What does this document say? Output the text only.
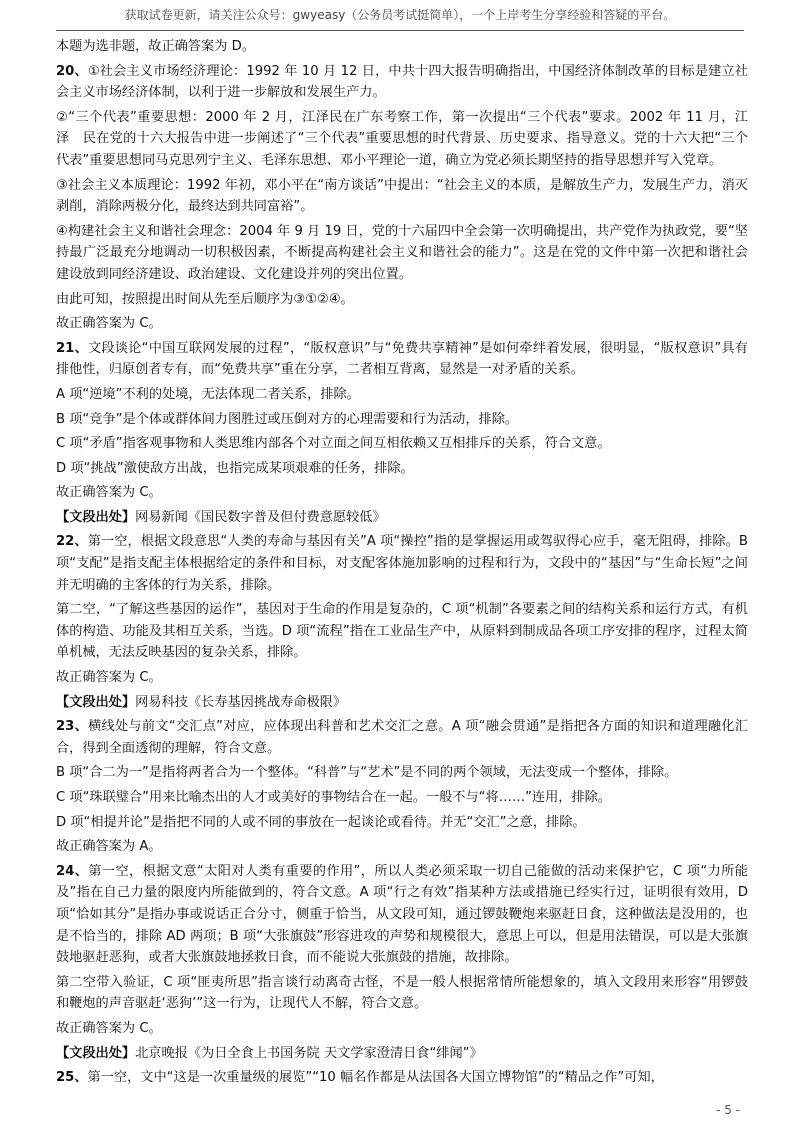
获取试卷更新，请关注公众号：gwyeasy（公务员考试挺简单），一个上岸考生分享经验和答疑的平台。

本题为选非题，故正确答案为 D。

20、①社会主义市场经济理论：1992 年 10 月 12 日，中共十四大报告明确指出，中国经济体制改革的目标是建立社会主义市场经济体制，以利于进一步解放和发展生产力。

②“三个代表”重要思想：2000 年 2 月，江泽民在广东考察工作，第一次提出“三个代表”要求。2002 年 11 月，江　泽　民在党的十六大报告中进一步阐述了“三个代表”重要思想的时代背景、历史要求、指导意义。党的十六大把“三个代表”重要思想同马克思列宁主义、毛泽东思想、邓小平理论一道，确立为党必须长期坚持的指导思想并写入党章。

③社会主义本质理论：1992 年初，邓小平在“南方谈话”中提出：“社会主义的本质，是解放生产力，发展生产力，消灭剥削，消除两极分化，最终达到共同富裕”。

④构建社会主义和谐社会理念：2004 年 9 月 19 日，党的十六届四中全会第一次明确提出，共产党作为执政党，要“坚持最广泛最充分地调动一切积极因素，不断提高构建社会主义和谐社会的能力”。这是在党的文件中第一次把和谐社会建设放到同经济建设、政治建设、文化建设并列的突出位置。

由此可知，按照提出时间从先至后顺序为③①②④。

故正确答案为 C。

21、文段谈论“中国互联网发展的过程”，“版权意识”与“免费共享精神”是如何牵绊着发展，很明显，“版权意识”具有排他性，归原创者专有，而“免费共享”重在分享，二者相互背离，显然是一对矛盾的关系。

A 项“逆境”不利的处境，无法体现二者关系，排除。

B 项“竞争”是个体或群体间力图胜过或压倒对方的心理需要和行为活动，排除。

C 项“矛盾”指客观事物和人类思维内部各个对立面之间互相依赖又互相排斥的关系，符合文意。

D 项“挑战”激使敌方出战，也指完成某项艰难的任务，排除。

故正确答案为 C。

【文段出处】网易新闻《国民数字普及但付费意愿较低》

22、第一空，根据文段意思“人类的寿命与基因有关”A 项“操控”指的是掌握运用或驾驭得心应手，毫无阻碍，排除。B 项“支配”是指支配主体根据给定的条件和目标，对支配客体施加影响的过程和行为，文段中的“基因”与“生命长短”之间并无明确的主客体的行为关系，排除。

第二空，“了解这些基因的运作”，基因对于生命的作用是复杂的，C 项“机制”各要素之间的结构关系和运行方式，有机体的构造、功能及其相互关系，当选。D 项“流程”指在工业品生产中，从原料到制成品各项工序安排的程序，过程太简单机械，无法反映基因的复杂关系，排除。

故正确答案为 C。

【文段出处】网易科技《长寿基因挑战寿命极限》

23、横线处与前文“交汇点”对应，应体现出科普和艺术交汇之意。A 项“融会贯通”是指把各方面的知识和道理融化汇合，得到全面透彻的理解，符合文意。

B 项“合二为一”是指将两者合为一个整体。“科普”与“艺术”是不同的两个领域，无法变成一个整体，排除。

C 项“珠联璧合”用来比喻杰出的人才或美好的事物结合在一起。一般不与“将……”连用，排除。

D 项“相提并论”是指把不同的人或不同的事放在一起谈论或看待。并无“交汇”之意，排除。

故正确答案为 A。

24、第一空，根据文意“太阳对人类有重要的作用”，所以人类必须采取一切自己能做的活动来保护它，C 项“力所能及”指在自己力量的限度内所能做到的，符合文意。A 项“行之有效”指某种方法或措施已经实行过，证明很有效用，D 项“恰如其分”是指办事或说话正合分寸，侧重于恰当，从文段可知，通过锣鼓鞭炮来驱赶日食，这种做法是没用的，也是不恰当的，排除 AD 两项；B 项“大张旗鼓”形容进攻的声势和规模很大，意思上可以，但是用法错误，可以是大张旗鼓地驱赶恶狗，或者大张旗鼓地拯救日食，而不能说大张旗鼓的措施，故排除。

第二空带入验证，C 项“匪夷所思”指言谈行动离奇古怪，不是一般人根据常情所能想象的，填入文段用来形容“用锣鼓和鞭炮的声音驱赶‘恶狗’”这一行为，让现代人不解，符合文意。

故正确答案为 C。

【文段出处】北京晚报《为日全食上书国务院 天文学家澄清日食“绯闻”》

25、第一空，文中“这是一次重量级的展览”“10 幅名作都是从法国各大国立博物馆”的“精品之作”可知，

- 5 -
